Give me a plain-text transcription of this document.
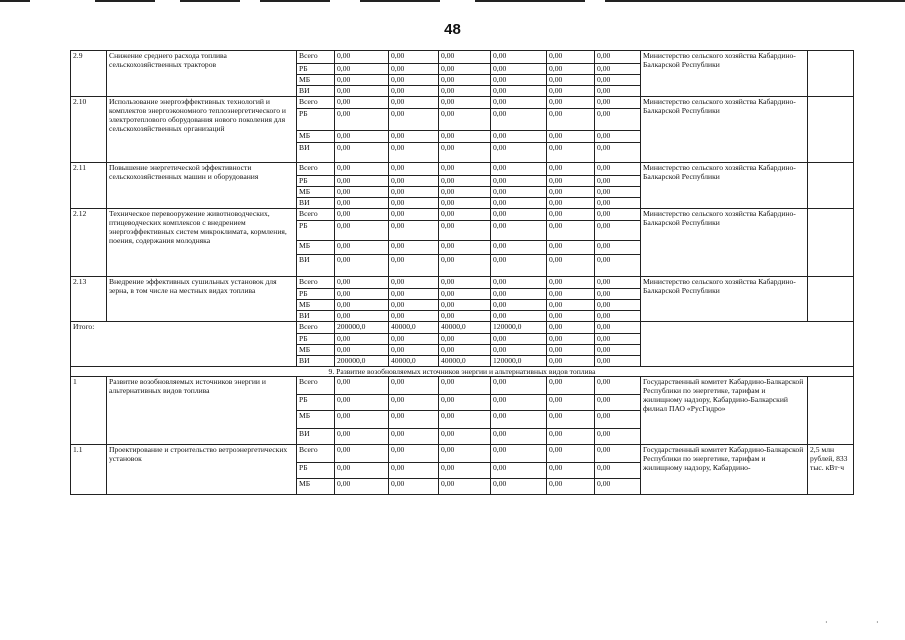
48
2.9	Снижение среднего расхода топлива сельскохозяйственных тракторов	Всего	0,00	0,00	0,00	0,00	0,00	0,00	Министерство сельского хозяйства Кабардино-Балкарской Республики	
		РБ	0,00	0,00	0,00	0,00	0,00	0,00		
		МБ	0,00	0,00	0,00	0,00	0,00	0,00		
		ВИ	0,00	0,00	0,00	0,00	0,00	0,00		
2.10	Использование энергоэффективных технологий и комплектов энергоэкономного теплоэнергетического и электротеплового оборудования нового поколения для сельскохозяйственных организаций	Всего	0,00	0,00	0,00	0,00	0,00	0,00	Министерство сельского хозяйства Кабардино-Балкарской Республики	
		РБ	0,00	0,00	0,00	0,00	0,00	0,00		
		МБ	0,00	0,00	0,00	0,00	0,00	0,00		
		ВИ	0,00	0,00	0,00	0,00	0,00	0,00		
2.11	Повышение энергетической эффективности сельскохозяйственных машин и оборудования	Всего	0,00	0,00	0,00	0,00	0,00	0,00	Министерство сельского хозяйства Кабардино-Балкарской Республики	
		РБ	0,00	0,00	0,00	0,00	0,00	0,00		
		МБ	0,00	0,00	0,00	0,00	0,00	0,00		
		ВИ	0,00	0,00	0,00	0,00	0,00	0,00		
2.12	Техническое перевооружение животноводческих, птицеводческих комплексов с внедрением энергоэффективных систем микроклимата, кормления, поения, содержания молодняка	Всего	0,00	0,00	0,00	0,00	0,00	0,00	Министерство сельского хозяйства Кабардино-Балкарской Республики	
		РБ	0,00	0,00	0,00	0,00	0,00	0,00		
		МБ	0,00	0,00	0,00	0,00	0,00	0,00		
		ВИ	0,00	0,00	0,00	0,00	0,00	0,00		
2.13	Внедрение эффективных сушильных установок для зерна, в том числе на местных видах топлива	Всего	0,00	0,00	0,00	0,00	0,00	0,00	Министерство сельского хозяйства Кабардино-Балкарской Республики	
		РБ	0,00	0,00	0,00	0,00	0,00	0,00		
		МБ	0,00	0,00	0,00	0,00	0,00	0,00		
		ВИ	0,00	0,00	0,00	0,00	0,00	0,00		
Итого:		Всего	200000,0	40000,0	40000,0	120000,0	0,00	0,00		
		РБ	0,00	0,00	0,00	0,00	0,00	0,00		
		МБ	0,00	0,00	0,00	0,00	0,00	0,00		
		ВИ	200000,0	40000,0	40000,0	120000,0	0,00	0,00		
9. Развитие возобновляемых источников энергии и альтернативных видов топлива										
1	Развитие возобновляемых источников энергии и альтернативных видов топлива	Всего	0,00	0,00	0,00	0,00	0,00	0,00	Государственный комитет Кабардино-Балкарской Республики по энергетике, тарифам и жилищному надзору, Кабардино-Балкарский филиал ПАО «РусГидро»	
		РБ	0,00	0,00	0,00	0,00	0,00	0,00		
		МБ	0,00	0,00	0,00	0,00	0,00	0,00		
		ВИ	0,00	0,00	0,00	0,00	0,00	0,00		
1.1	Проектирование и строительство ветроэнергетических установок	Всего	0,00	0,00	0,00	0,00	0,00	0,00	Государственный комитет Кабардино-Балкарской Республики по энергетике, тарифам и жилищному надзору, Кабардино-	2,5 млн рублей, 833 тыс. кВт·ч
		РБ	0,00	0,00	0,00	0,00	0,00	0,00		
		МБ	0,00	0,00	0,00	0,00	0,00	0,00		
·	·
